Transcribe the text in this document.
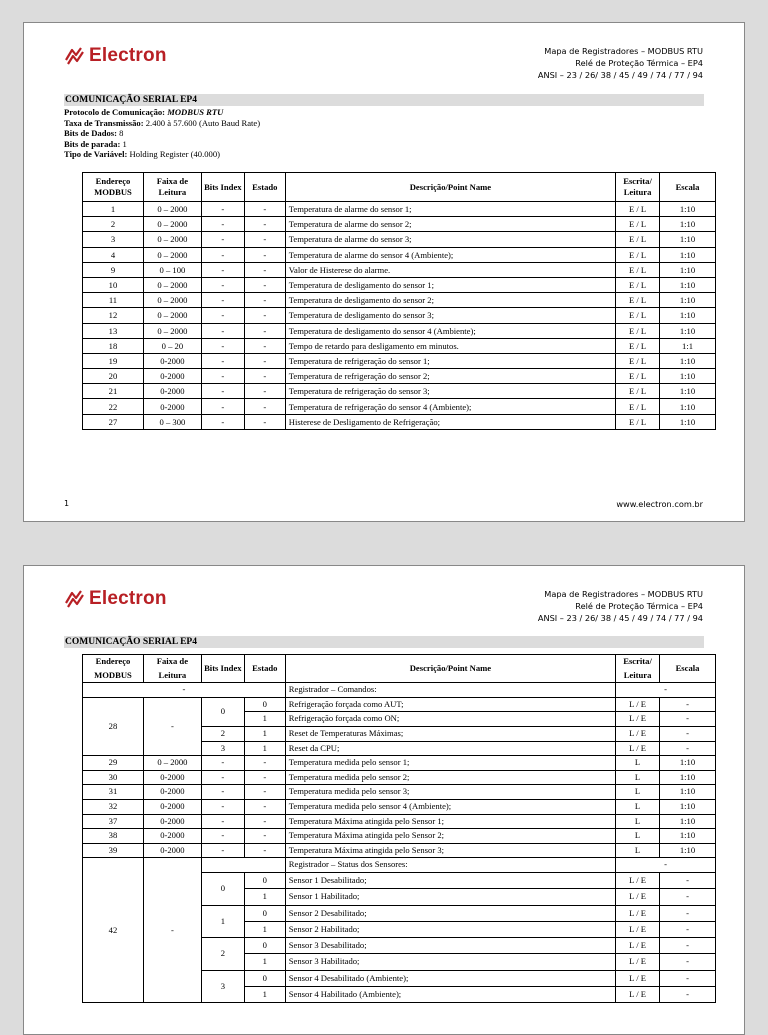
Electron	Mapa de Registradores – MODBUS RTU
Relé de Proteção Térmica – EP4
ANSI – 23 / 26/ 38 / 45 / 49 / 74 / 77 / 94
COMUNICAÇÃO SERIAL EP4
Protocolo de Comunicação: MODBUS RTU
Taxa de Transmissão: 2.400 à 57.600 (Auto Baud Rate)
Bits de Dados: 8
Bits de parada: 1
Tipo de Variável: Holding Register (40.000)
Endereço MODBUS	Faixa de Leitura	Bits Index	Estado	Descrição/Point Name	Escrita/ Leitura	Escala
1	0 – 2000	-	-	Temperatura de alarme do sensor 1;	E / L	1:10
2	0 – 2000	-	-	Temperatura de alarme do sensor 2;	E / L	1:10
3	0 – 2000	-	-	Temperatura de alarme do sensor 3;	E / L	1:10
4	0 – 2000	-	-	Temperatura de alarme do sensor 4 (Ambiente);	E / L	1:10
9	0 – 100	-	-	Valor de Histerese do alarme.	E / L	1:10
10	0 – 2000	-	-	Temperatura de desligamento do sensor 1;	E / L	1:10
11	0 – 2000	-	-	Temperatura de desligamento do sensor 2;	E / L	1:10
12	0 – 2000	-	-	Temperatura de desligamento do sensor 3;	E / L	1:10
13	0 – 2000	-	-	Temperatura de desligamento do sensor 4 (Ambiente);	E / L	1:10
18	0 – 20	-	-	Tempo de retardo para desligamento em minutos.	E / L	1:1
19	0-2000	-	-	Temperatura de refrigeração do sensor 1;	E / L	1:10
20	0-2000	-	-	Temperatura de refrigeração do sensor 2;	E / L	1:10
21	0-2000	-	-	Temperatura de refrigeração do sensor 3;	E / L	1:10
22	0-2000	-	-	Temperatura de refrigeração do sensor 4 (Ambiente);	E / L	1:10
27	0 – 300	-	-	Histerese de Desligamento de Refrigeração;	E / L	1:10
1	www.electron.com.br
Electron	Mapa de Registradores – MODBUS RTU
Relé de Proteção Térmica – EP4
ANSI – 23 / 26/ 38 / 45 / 49 / 74 / 77 / 94
COMUNICAÇÃO SERIAL EP4
Endereço MODBUS	Faixa de Leitura	Bits Index	Estado	Descrição/Point Name	Escrita/ Leitura	Escala
-				Registrador – Comandos:	-	
28	-	0	0	Refrigeração forçada como AUT;	L / E	-
			1	Refrigeração forçada como ON;	L / E	-
		2	1	Reset de Temperaturas Máximas;	L / E	-
		3	1	Reset da CPU;	L / E	-
29	0 – 2000	-	-	Temperatura medida pelo sensor 1;	L	1:10
30	0-2000	-	-	Temperatura medida pelo sensor 2;	L	1:10
31	0-2000	-	-	Temperatura medida pelo sensor 3;	L	1:10
32	0-2000	-	-	Temperatura medida pelo sensor 4 (Ambiente);	L	1:10
37	0-2000	-	-	Temperatura Máxima atingida pelo Sensor 1;	L	1:10
38	0-2000	-	-	Temperatura Máxima atingida pelo Sensor 2;	L	1:10
39	0-2000	-	-	Temperatura Máxima atingida pelo Sensor 3;	L	1:10
42	-			Registrador – Status dos Sensores:	-	
		0	0	Sensor 1 Desabilitado;	L / E	-
			1	Sensor 1 Habilitado;	L / E	-
		1	0	Sensor 2 Desabilitado;	L / E	-
			1	Sensor 2 Habilitado;	L / E	-
		2	0	Sensor 3 Desabilitado;	L / E	-
			1	Sensor 3 Habilitado;	L / E	-
		3	0	Sensor 4 Desabilitado (Ambiente);	L / E	-
			1	Sensor 4 Habilitado (Ambiente);	L / E	-
